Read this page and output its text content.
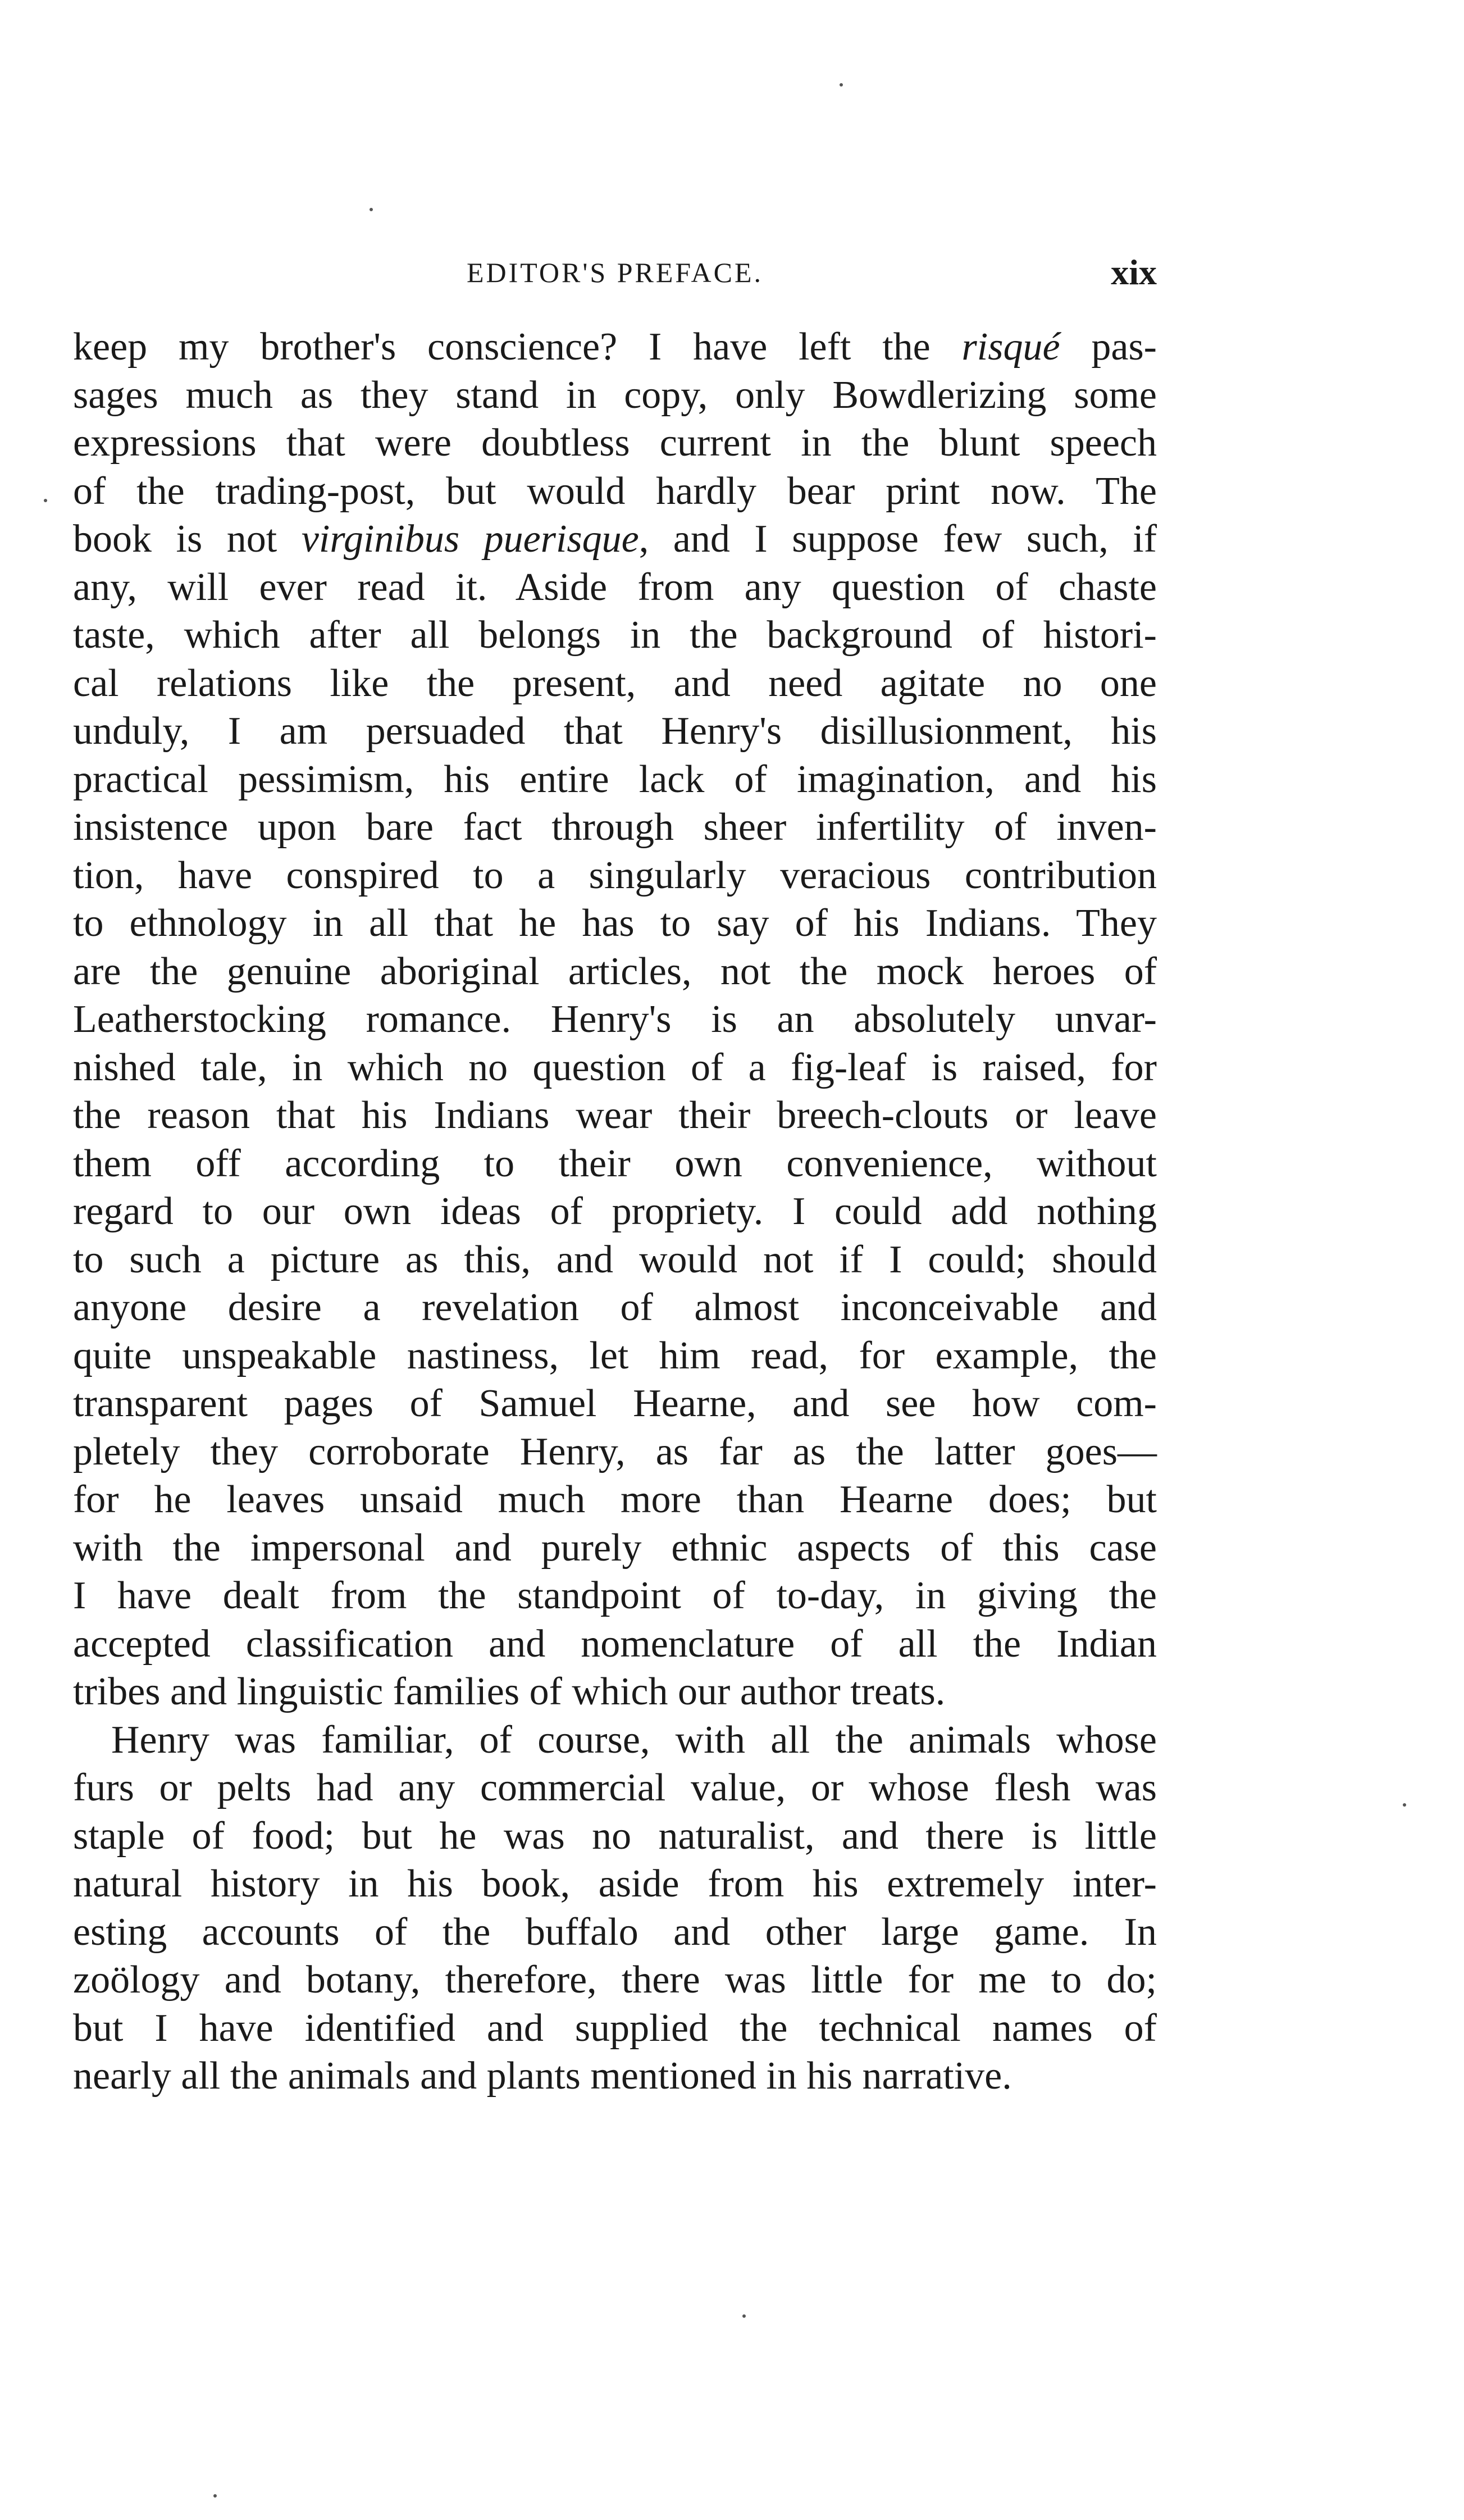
EDITOR'S PREFACE.	xix
keep my brother's conscience? I have left the risqué pas-
sages much as they stand in copy, only Bowdlerizing some
expressions that were doubtless current in the blunt speech
of the trading-post, but would hardly bear print now. The
book is not virginibus puerisque, and I suppose few such, if
any, will ever read it. Aside from any question of chaste
taste, which after all belongs in the background of histori-
cal relations like the present, and need agitate no one
unduly, I am persuaded that Henry's disillusionment, his
practical pessimism, his entire lack of imagination, and his
insistence upon bare fact through sheer infertility of inven-
tion, have conspired to a singularly veracious contribution
to ethnology in all that he has to say of his Indians. They
are the genuine aboriginal articles, not the mock heroes of
Leatherstocking romance. Henry's is an absolutely unvar-
nished tale, in which no question of a fig-leaf is raised, for
the reason that his Indians wear their breech-clouts or leave
them off according to their own convenience, without
regard to our own ideas of propriety. I could add nothing
to such a picture as this, and would not if I could; should
anyone desire a revelation of almost inconceivable and
quite unspeakable nastiness, let him read, for example, the
transparent pages of Samuel Hearne, and see how com-
pletely they corroborate Henry, as far as the latter goes—
for he leaves unsaid much more than Hearne does; but
with the impersonal and purely ethnic aspects of this case
I have dealt from the standpoint of to-day, in giving the
accepted classification and nomenclature of all the Indian
tribes and linguistic families of which our author treats.
Henry was familiar, of course, with all the animals whose
furs or pelts had any commercial value, or whose flesh was
staple of food; but he was no naturalist, and there is little
natural history in his book, aside from his extremely inter-
esting accounts of the buffalo and other large game. In
zoölogy and botany, therefore, there was little for me to do;
but I have identified and supplied the technical names of
nearly all the animals and plants mentioned in his narrative.
